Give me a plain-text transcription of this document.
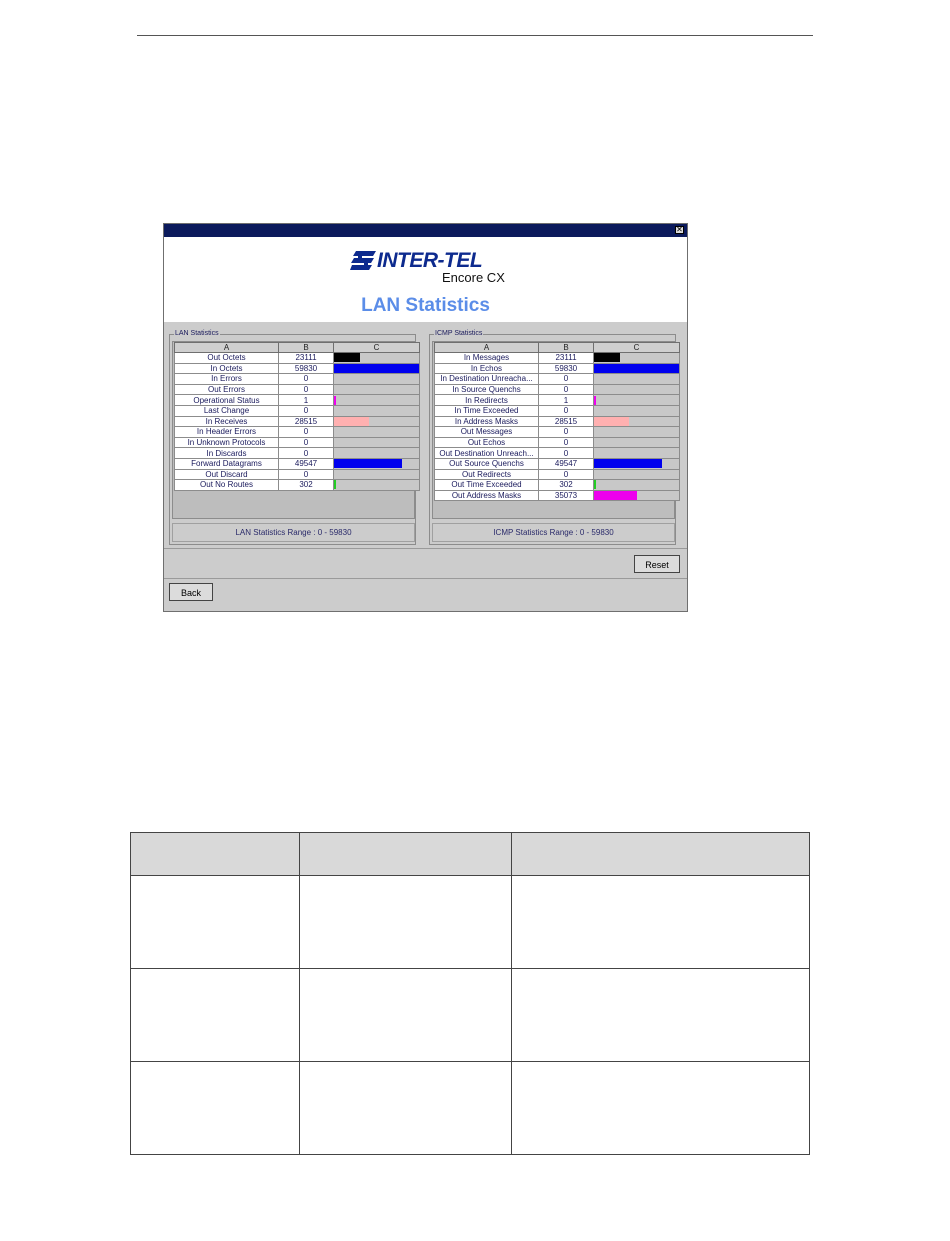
✕
INTER-TEL
Encore CX
LAN Statistics
LAN Statistics
A	B	C
Out Octets	23111	

In Octets	59830	

In Errors	0	

Out Errors	0	

Operational Status	1	

Last Change	0	

In Receives	28515	

In Header Errors	0	

In Unknown Protocols	0	

In Discards	0	

Forward Datagrams	49547	

Out Discard	0	

Out No Routes	302	
LAN Statistics Range : 0 - 59830
ICMP Statistics
A	B	C
In Messages	23111	

In Echos	59830	

In Destination Unreacha...	0	

In Source Quenchs	0	

In Redirects	1	

In Time Exceeded	0	

In Address Masks	28515	

Out Messages	0	

Out Echos	0	

Out Destination Unreach...	0	

Out Source Quenchs	49547	

Out Redirects	0	

Out Time Exceeded	302	

Out Address Masks	35073	
ICMP Statistics Range : 0 - 59830
Reset
Back
